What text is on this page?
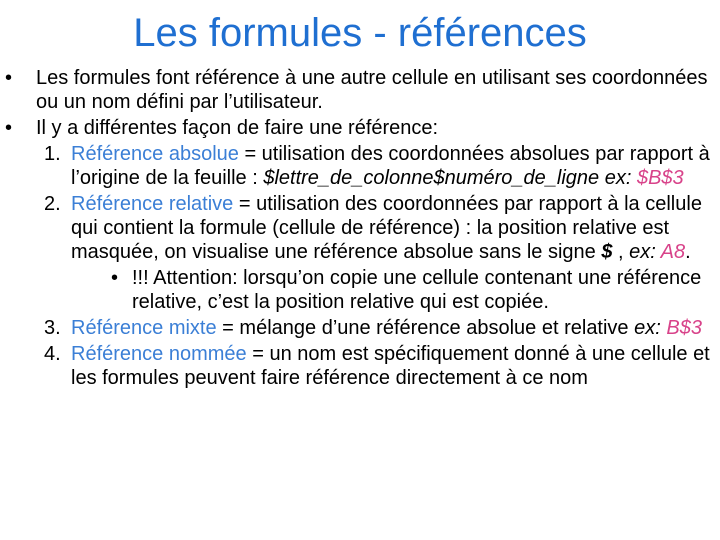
Les formules - références
• Les formules font référence à une autre cellule en utilisant ses coordonnées ou un nom défini par l’utilisateur.
• Il y a différentes façon de faire une référence:
1. Référence absolue = utilisation des coordonnées absolues par rapport à l’origine de la feuille : $lettre_de_colonne$numéro_de_ligne ex: $B$3
2. Référence relative = utilisation des coordonnées par rapport à la cellule qui contient la formule (cellule de référence) : la position relative est masquée, on visualise une référence absolue sans le signe $ , ex: A8.
• !!! Attention: lorsqu’on copie une cellule contenant une référence relative, c’est la position relative qui est copiée.
3. Référence mixte = mélange d’une référence absolue et relative ex: B$3
4. Référence nommée = un nom est spécifiquement donné à une cellule et les formules peuvent faire référence directement à ce nom
